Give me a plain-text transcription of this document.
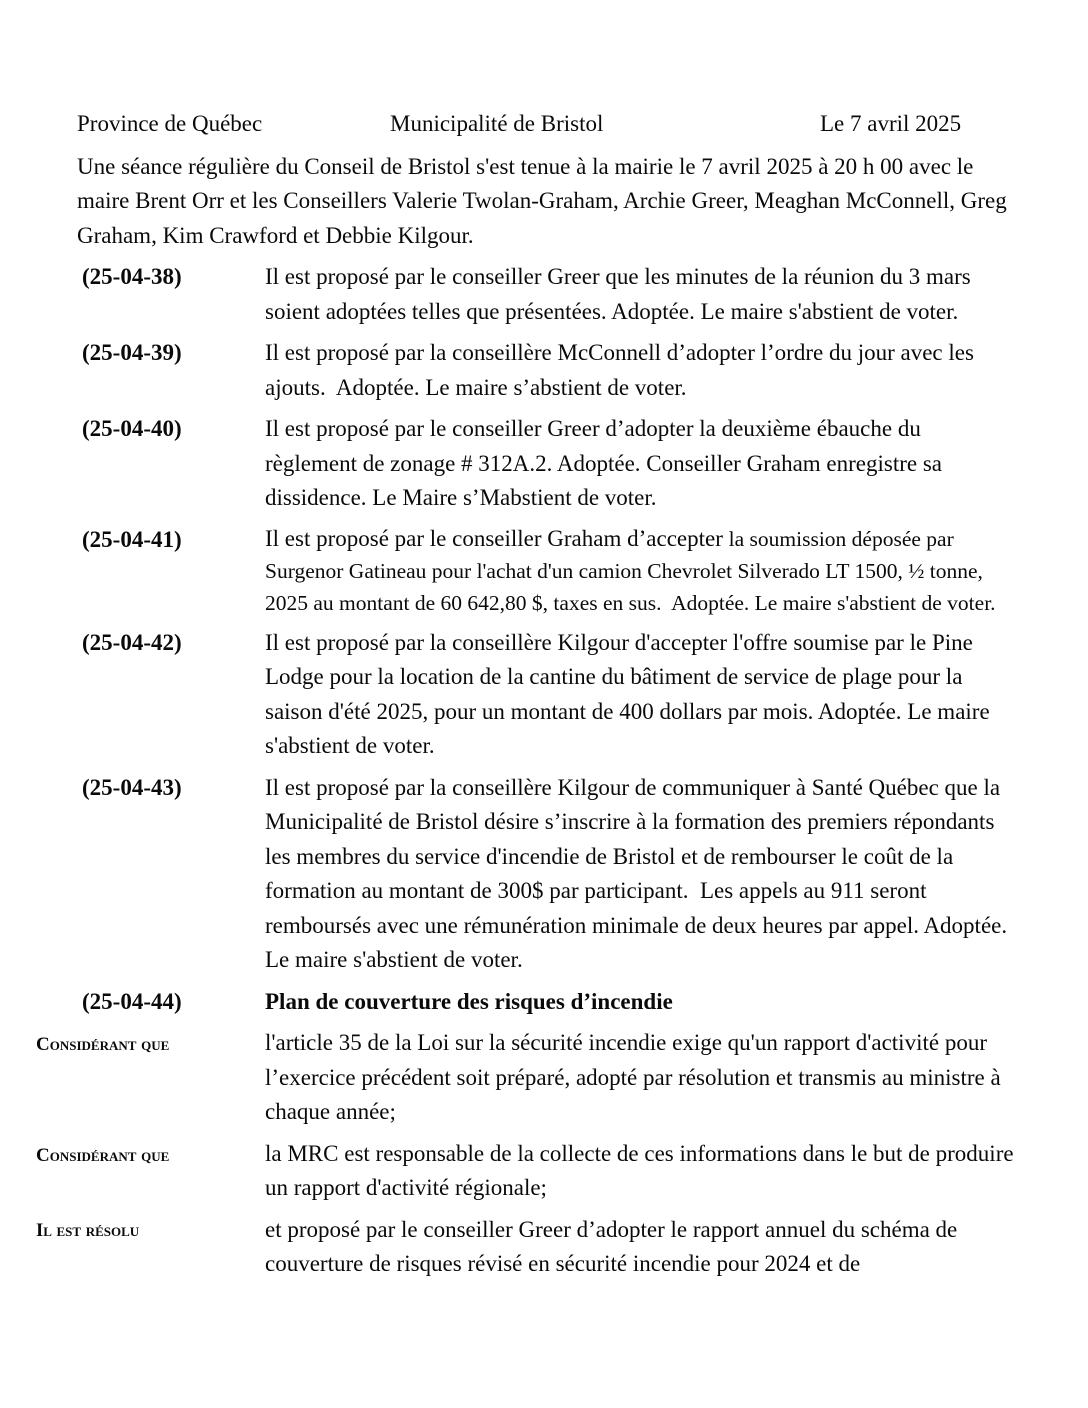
Province de Québec	Municipalité de Bristol	Le 7 avril 2025

Une séance régulière du Conseil de Bristol s'est tenue à la mairie le 7 avril 2025 à 20 h 00 avec le maire Brent Orr et les Conseillers Valerie Twolan-Graham, Archie Greer, Meaghan McConnell, Greg Graham, Kim Crawford et Debbie Kilgour.

(25-04-38)	Il est proposé par le conseiller Greer que les minutes de la réunion du 3 mars soient adoptées telles que présentées. Adoptée. Le maire s'abstient de voter.
(25-04-39)	Il est proposé par la conseillère McConnell d’adopter l’ordre du jour avec les ajouts.  Adoptée. Le maire s’abstient de voter.
(25-04-40)	Il est proposé par le conseiller Greer d’adopter la deuxième ébauche du règlement de zonage # 312A.2. Adoptée. Conseiller Graham enregistre sa dissidence. Le Maire s’Mabstient de voter.
(25-04-41)	Il est proposé par le conseiller Graham d’accepter la soumission déposée par Surgenor Gatineau pour l'achat d'un camion Chevrolet Silverado LT 1500, ½ tonne, 2025 au montant de 60 642,80 $, taxes en sus.  Adoptée. Le maire s'abstient de voter.
(25-04-42)	Il est proposé par la conseillère Kilgour d'accepter l'offre soumise par le Pine Lodge pour la location de la cantine du bâtiment de service de plage pour la saison d'été 2025, pour un montant de 400 dollars par mois. Adoptée. Le maire s'abstient de voter.
(25-04-43)	Il est proposé par la conseillère Kilgour de communiquer à Santé Québec que la Municipalité de Bristol désire s’inscrire à la formation des premiers répondants les membres du service d'incendie de Bristol et de rembourser le coût de la formation au montant de 300$ par participant.  Les appels au 911 seront remboursés avec une rémunération minimale de deux heures par appel. Adoptée. Le maire s'abstient de voter.
(25-04-44)	Plan de couverture des risques d’incendie
Considérant que	l'article 35 de la Loi sur la sécurité incendie exige qu'un rapport d'activité pour l’exercice précédent soit préparé, adopté par résolution et transmis au ministre à chaque année;
Considérant que	la MRC est responsable de la collecte de ces informations dans le but de produire un rapport d'activité régionale;
Il est résolu	et proposé par le conseiller Greer d’adopter le rapport annuel du schéma de couverture de risques révisé en sécurité incendie pour 2024 et de
